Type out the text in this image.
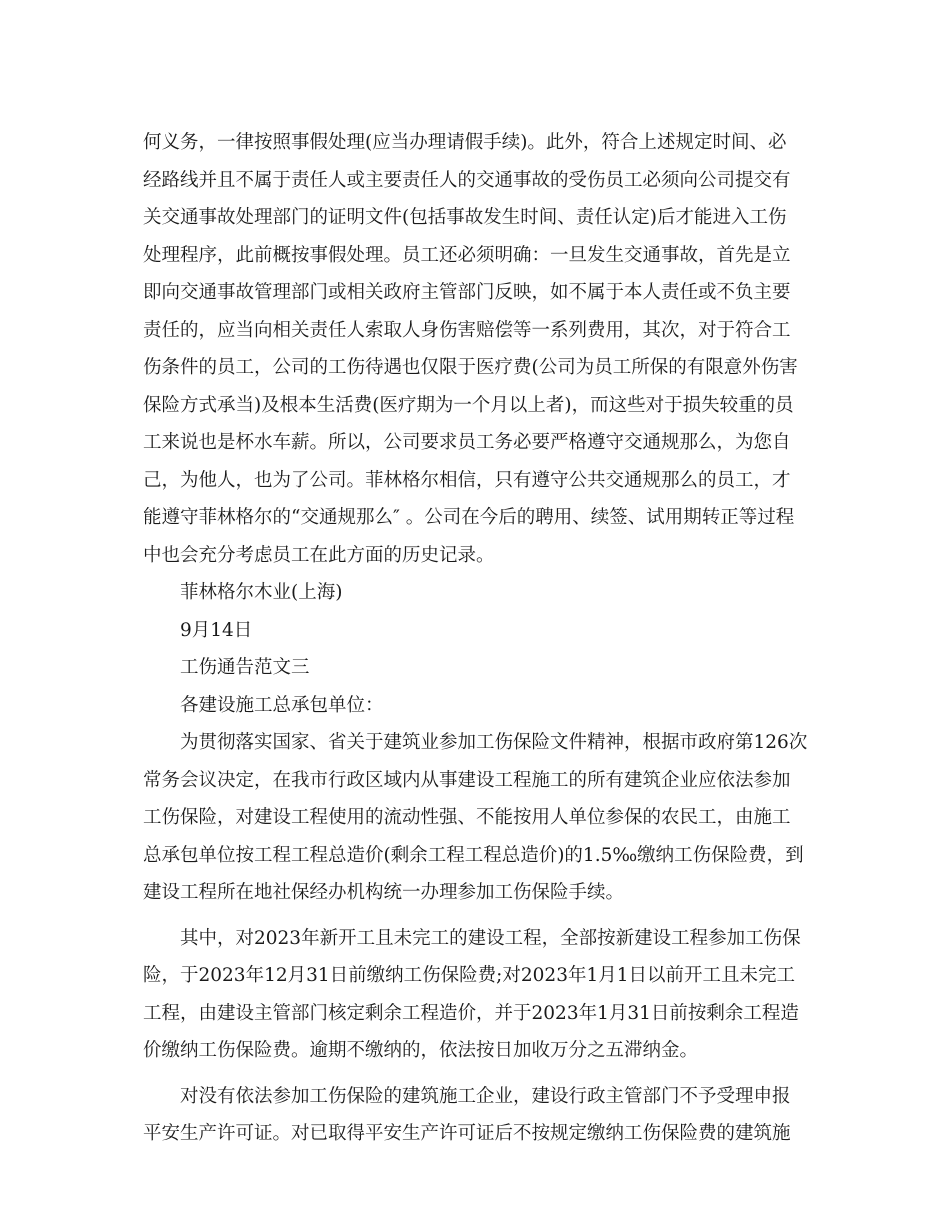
何义务，一律按照事假处理(应当办理请假手续)。此外，符合上述规定时间、必
经路线并且不属于责任人或主要责任人的交通事故的受伤员工必须向公司提交有
关交通事故处理部门的证明文件(包括事故发生时间、责任认定)后才能进入工伤
处理程序，此前概按事假处理。员工还必须明确：一旦发生交通事故，首先是立
即向交通事故管理部门或相关政府主管部门反映，如不属于本人责任或不负主要
责任的，应当向相关责任人索取人身伤害赔偿等一系列费用，其次，对于符合工
伤条件的员工，公司的工伤待遇也仅限于医疗费(公司为员工所保的有限意外伤害
保险方式承当)及根本生活费(医疗期为一个月以上者)，而这些对于损失较重的员
工来说也是杯水车薪。所以，公司要求员工务必要严格遵守交通规那么，为您自
己，为他人，也为了公司。菲林格尔相信，只有遵守公共交通规那么的员工，才
能遵守菲林格尔的“交通规那么″ 。公司在今后的聘用、续签、试用期转正等过程
中也会充分考虑员工在此方面的历史记录。
菲林格尔木业(上海)
9月14日
工伤通告范文三
各建设施工总承包单位：
为贯彻落实国家、省关于建筑业参加工伤保险文件精神，根据市政府第126次
常务会议决定，在我市行政区域内从事建设工程施工的所有建筑企业应依法参加
工伤保险，对建设工程使用的流动性强、不能按用人单位参保的农民工，由施工
总承包单位按工程工程总造价(剩余工程工程总造价)的1.5‰缴纳工伤保险费，到
建设工程所在地社保经办机构统一办理参加工伤保险手续。
其中，对2023年新开工且未完工的建设工程，全部按新建设工程参加工伤保
险，于2023年12月31日前缴纳工伤保险费;对2023年1月1日以前开工且未完工
工程，由建设主管部门核定剩余工程造价，并于2023年1月31日前按剩余工程造
价缴纳工伤保险费。逾期不缴纳的，依法按日加收万分之五滞纳金。
对没有依法参加工伤保险的建筑施工企业，建设行政主管部门不予受理申报
平安生产许可证。对已取得平安生产许可证后不按规定缴纳工伤保险费的建筑施
